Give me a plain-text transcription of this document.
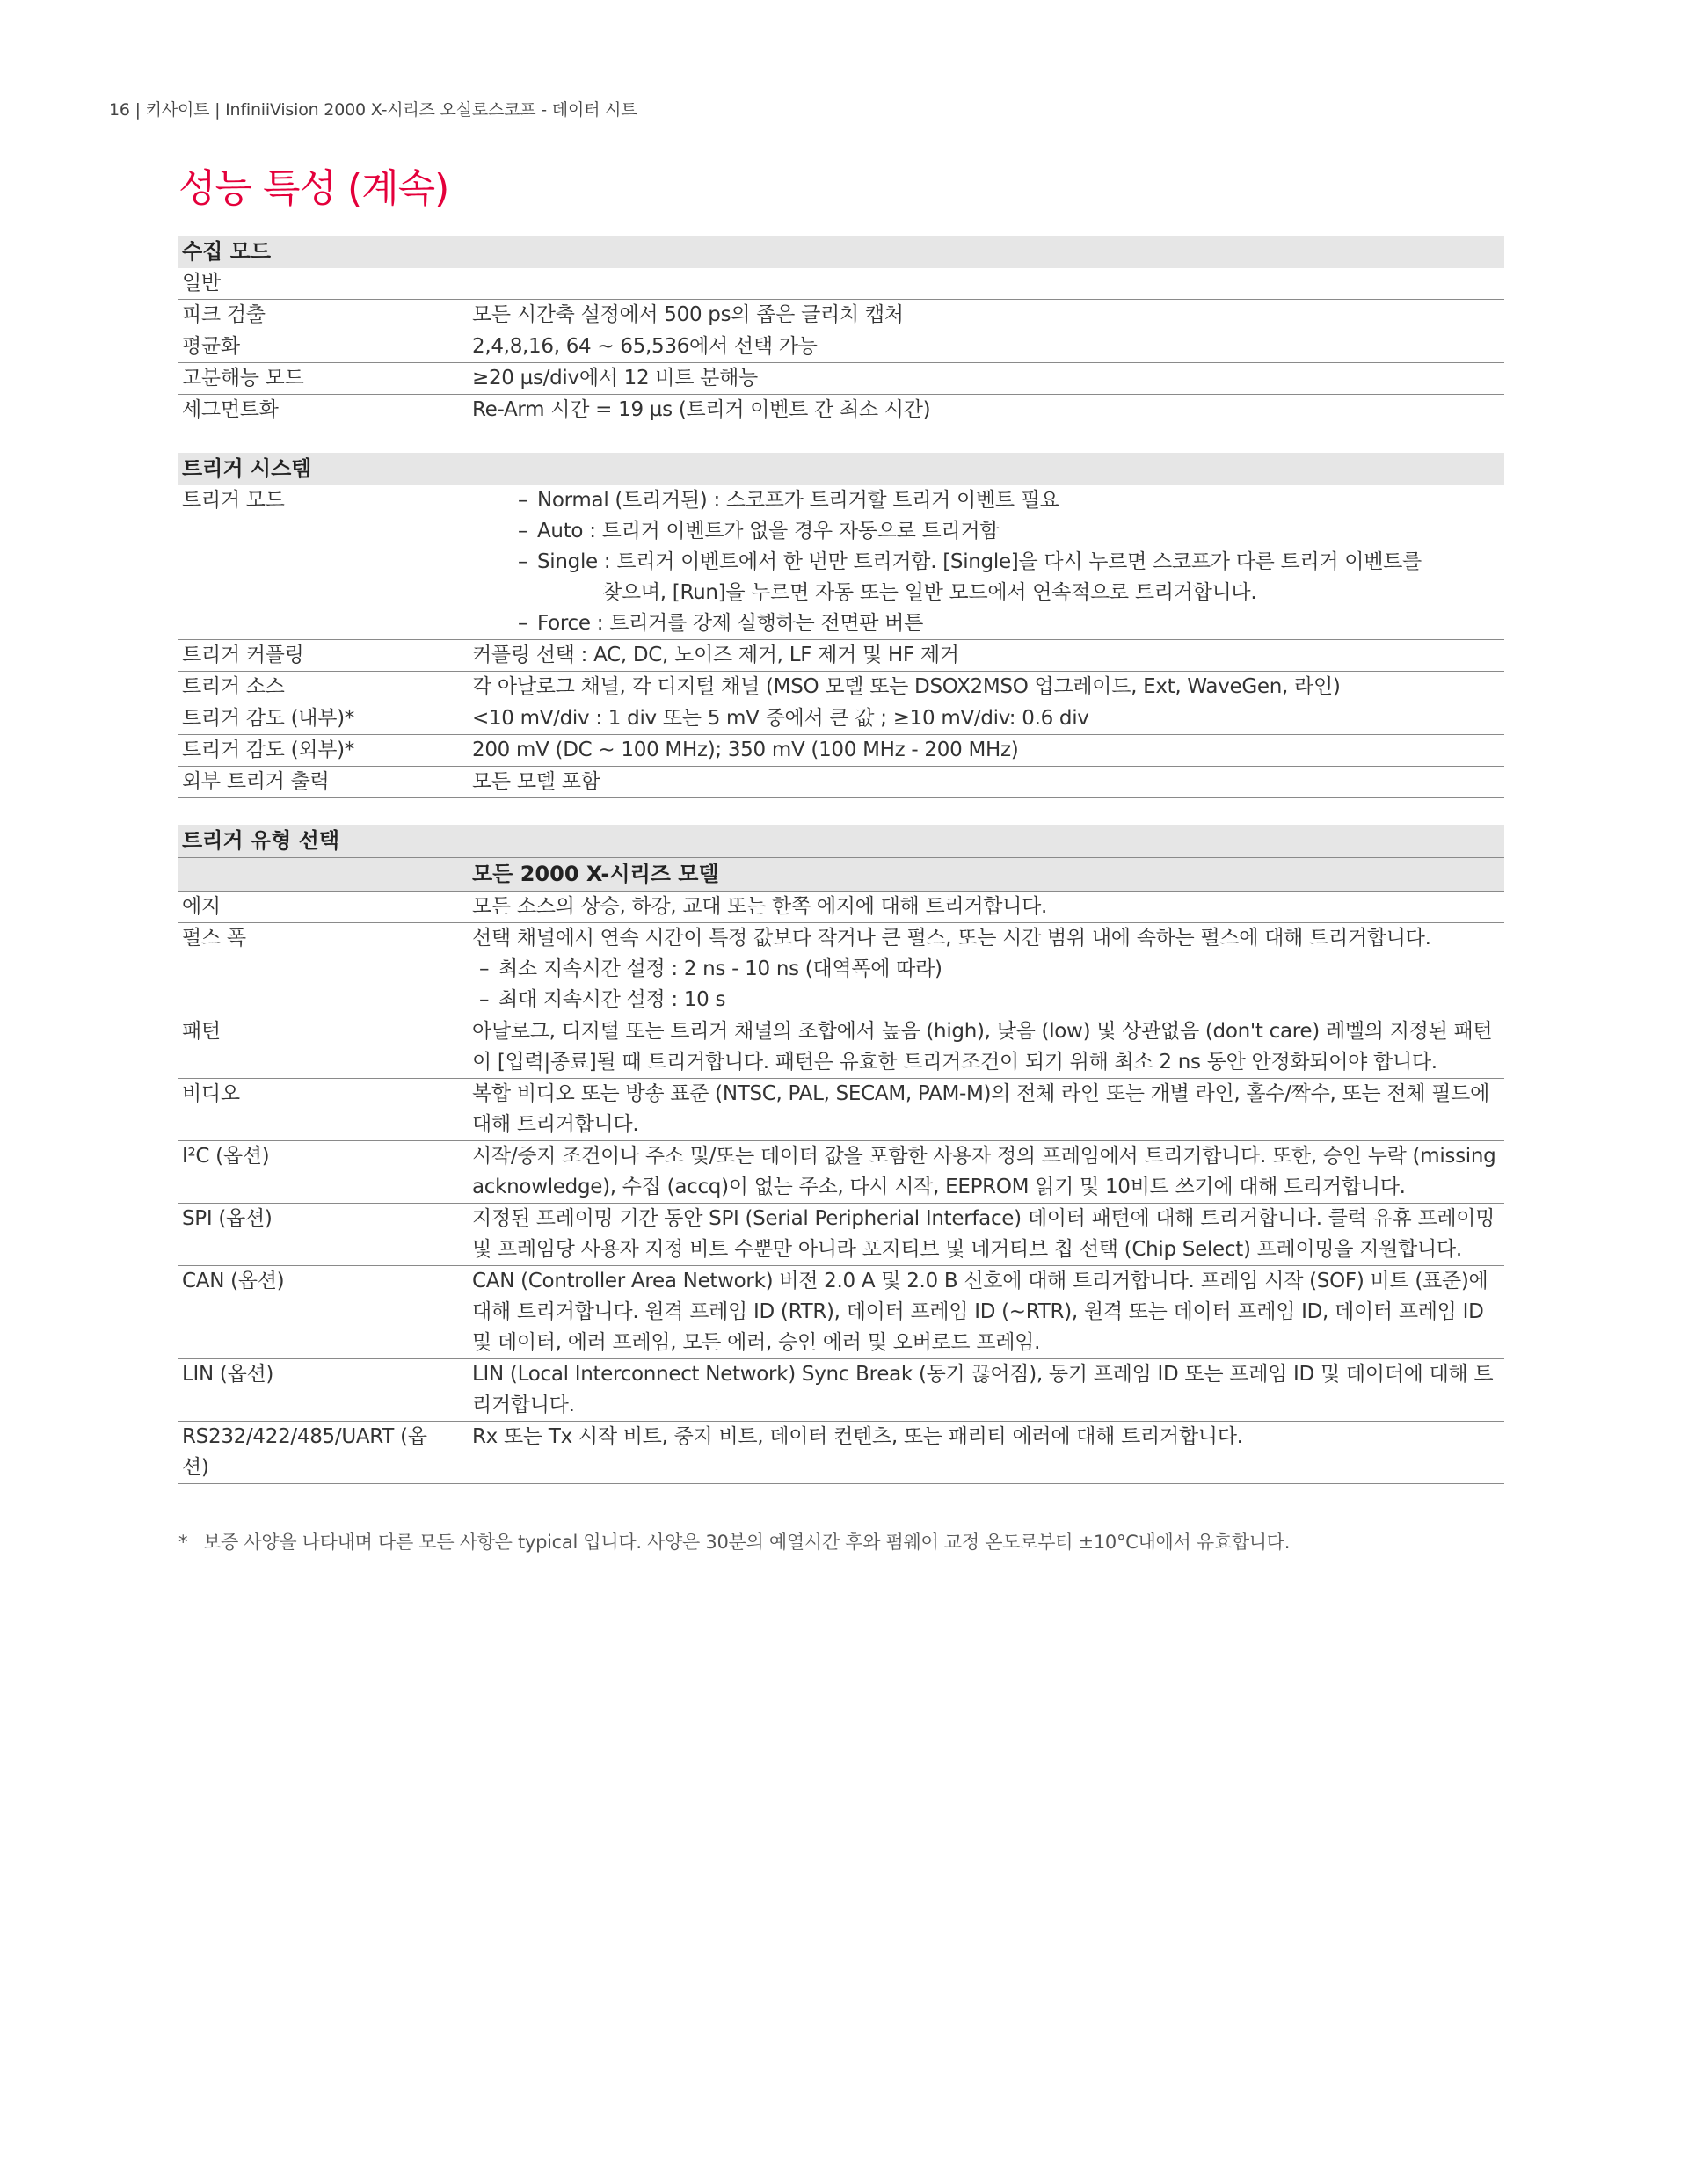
16 | 키사이트 | InfiniiVision 2000 X-시리즈 오실로스코프 - 데이터 시트
성능 특성 (계속)
수집 모드
일반
피크 검출	모든 시간축 설정에서 500 ps의 좁은 글리치 캡처
평균화	2,4,8,16, 64 ~ 65,536에서 선택 가능
고분해능 모드	≥20 µs/div에서 12 비트 분해능
세그먼트화	Re-Arm 시간 = 19 µs (트리거 이벤트 간 최소 시간)
트리거 시스템
트리거 모드
–	Normal (트리거된) : 스코프가 트리거할 트리거 이벤트 필요
– Auto : 트리거 이벤트가 없을 경우 자동으로 트리거함
– Single : 트리거 이벤트에서 한 번만 트리거함. [Single]을 다시 누르면 스코프가 다른 트리거 이벤트를
찾으며, [Run]을 누르면 자동 또는 일반 모드에서 연속적으로 트리거합니다.
– Force : 트리거를 강제 실행하는 전면판 버튼
트리거 커플링	커플링 선택 : AC, DC, 노이즈 제거, LF 제거 및 HF 제거
트리거 소스	각 아날로그 채널, 각 디지털 채널 (MSO 모델 또는 DSOX2MSO 업그레이드, Ext, WaveGen, 라인)
트리거 감도 (내부)*	<10 mV/div : 1 div 또는 5 mV 중에서 큰 값 ; ≥10 mV/div: 0.6 div
트리거 감도 (외부)*	200 mV (DC ~ 100 MHz); 350 mV (100 MHz - 200 MHz)
외부 트리거 출력	모든 모델 포함
트리거 유형 선택
모든 2000 X-시리즈 모델
에지	모든 소스의 상승, 하강, 교대 또는 한쪽 에지에 대해 트리거합니다.
펄스 폭	선택 채널에서 연속 시간이 특정 값보다 작거나 큰 펄스, 또는 시간 범위 내에 속하는 펄스에 대해 트리거합니다.
– 최소 지속시간 설정 : 2 ns - 10 ns (대역폭에 따라)
– 최대 지속시간 설정 : 10 s
패턴	아날로그, 디지털 또는 트리거 채널의 조합에서 높음 (high), 낮음 (low) 및 상관없음 (don't care) 레벨의 지정된 패턴이 [입력|종료]될 때 트리거합니다. 패턴은 유효한 트리거조건이 되기 위해 최소 2 ns 동안 안정화되어야 합니다.
비디오	복합 비디오 또는 방송 표준 (NTSC, PAL, SECAM, PAM-M)의 전체 라인 또는 개별 라인, 홀수/짝수, 또는 전체 필드에 대해 트리거합니다.
I²C (옵션)	시작/중지 조건이나 주소 및/또는 데이터 값을 포함한 사용자 정의 프레임에서 트리거합니다. 또한, 승인 누락 (missing acknowledge), 수집 (accq)이 없는 주소, 다시 시작, EEPROM 읽기 및 10비트 쓰기에 대해 트리거합니다.
SPI (옵션)	지정된 프레이밍 기간 동안 SPI (Serial Peripherial Interface) 데이터 패턴에 대해 트리거합니다. 클럭 유휴 프레이밍 및 프레임당 사용자 지정 비트 수뿐만 아니라 포지티브 및 네거티브 칩 선택 (Chip Select) 프레이밍을 지원합니다.
CAN (옵션)	CAN (Controller Area Network) 버전 2.0 A 및 2.0 B 신호에 대해 트리거합니다. 프레임 시작 (SOF) 비트 (표준)에 대해 트리거합니다. 원격 프레임 ID (RTR), 데이터 프레임 ID (~RTR), 원격 또는 데이터 프레임 ID, 데이터 프레임 ID 및 데이터, 에러 프레임, 모든 에러, 승인 에러 및 오버로드 프레임.
LIN (옵션)	LIN (Local Interconnect Network) Sync Break (동기 끊어짐), 동기 프레임 ID 또는 프레임 ID 및 데이터에 대해 트리거합니다.
RS232/422/485/UART (옵션)
Rx 또는 Tx 시작 비트, 중지 비트, 데이터 컨텐츠, 또는 패리티 에러에 대해 트리거합니다.
* 보증 사양을 나타내며 다른 모든 사항은 typical 입니다. 사양은 30분의 예열시간 후와 펌웨어 교정 온도로부터 ±10°C내에서 유효합니다.
